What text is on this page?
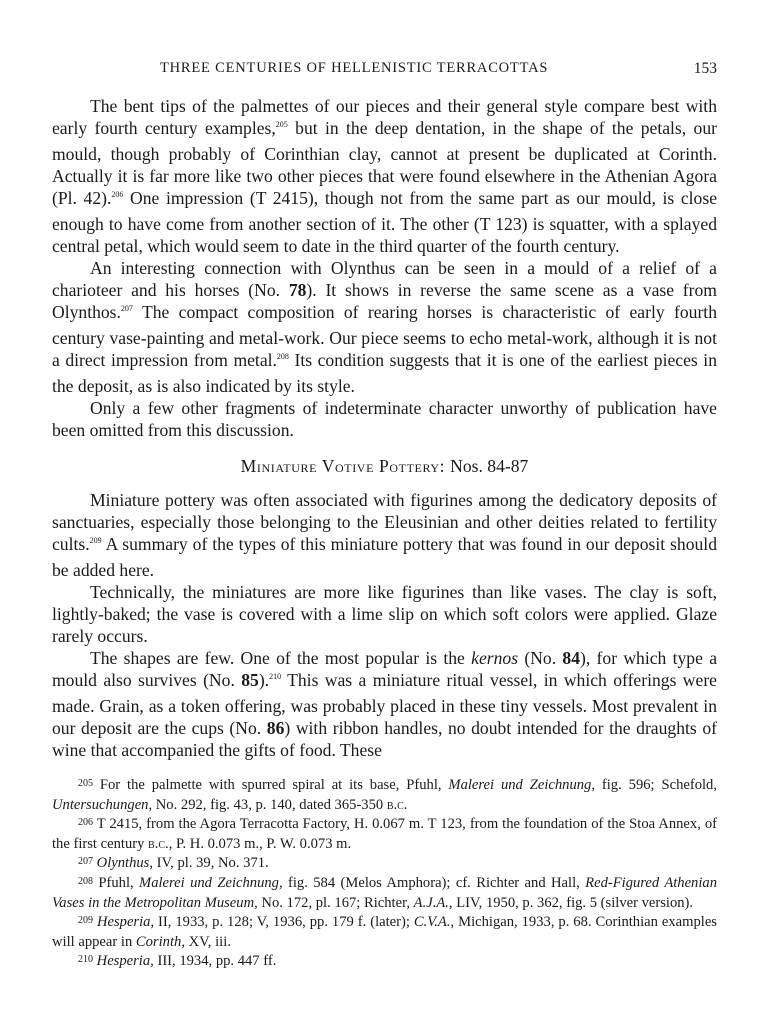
THREE CENTURIES OF HELLENISTIC TERRACOTTAS	153

The bent tips of the palmettes of our pieces and their general style compare best with early fourth century examples,$^{205}$ but in the deep dentation, in the shape of the petals, our mould, though probably of Corinthian clay, cannot at present be duplicated at Corinth. Actually it is far more like two other pieces that were found elsewhere in the Athenian Agora (Pl. 42).$^{206}$ One impression (T 2415), though not from the same part as our mould, is close enough to have come from another section of it. The other (T 123) is squatter, with a splayed central petal, which would seem to date in the third quarter of the fourth century.

An interesting connection with Olynthus can be seen in a mould of a relief of a charioteer and his horses (No. 78). It shows in reverse the same scene as a vase from Olynthos.$^{207}$ The compact composition of rearing horses is characteristic of early fourth century vase-painting and metal-work. Our piece seems to echo metal-work, although it is not a direct impression from metal.$^{208}$ Its condition suggests that it is one of the earliest pieces in the deposit, as is also indicated by its style.

Only a few other fragments of indeterminate character unworthy of publication have been omitted from this discussion.

Miniature Votive Pottery: Nos. 84-87

Miniature pottery was often associated with figurines among the dedicatory deposits of sanctuaries, especially those belonging to the Eleusinian and other deities related to fertility cults.$^{209}$ A summary of the types of this miniature pottery that was found in our deposit should be added here.

Technically, the miniatures are more like figurines than like vases. The clay is soft, lightly-baked; the vase is covered with a lime slip on which soft colors were applied. Glaze rarely occurs.

The shapes are few. One of the most popular is the kernos (No. 84), for which type a mould also survives (No. 85).$^{210}$ This was a miniature ritual vessel, in which offerings were made. Grain, as a token offering, was probably placed in these tiny vessels. Most prevalent in our deposit are the cups (No. 86) with ribbon handles, no doubt intended for the draughts of wine that accompanied the gifts of food. These

$^{205}$ For the palmette with spurred spiral at its base, Pfuhl, Malerei und Zeichnung, fig. 596; Schefold, Untersuchungen, No. 292, fig. 43, p. 140, dated 365-350 b.c.

$^{206}$ T 2415, from the Agora Terracotta Factory, H. 0.067 m. T 123, from the foundation of the Stoa Annex, of the first century b.c., P. H. 0.073 m., P. W. 0.073 m.

$^{207}$ Olynthus, IV, pl. 39, No. 371.

$^{208}$ Pfuhl, Malerei und Zeichnung, fig. 584 (Melos Amphora); cf. Richter and Hall, Red-Figured Athenian Vases in the Metropolitan Museum, No. 172, pl. 167; Richter, A.J.A., LIV, 1950, p. 362, fig. 5 (silver version).

$^{209}$ Hesperia, II, 1933, p. 128; V, 1936, pp. 179 f. (later); C.V.A., Michigan, 1933, p. 68. Corinthian examples will appear in Corinth, XV, iii.

$^{210}$ Hesperia, III, 1934, pp. 447 ff.
